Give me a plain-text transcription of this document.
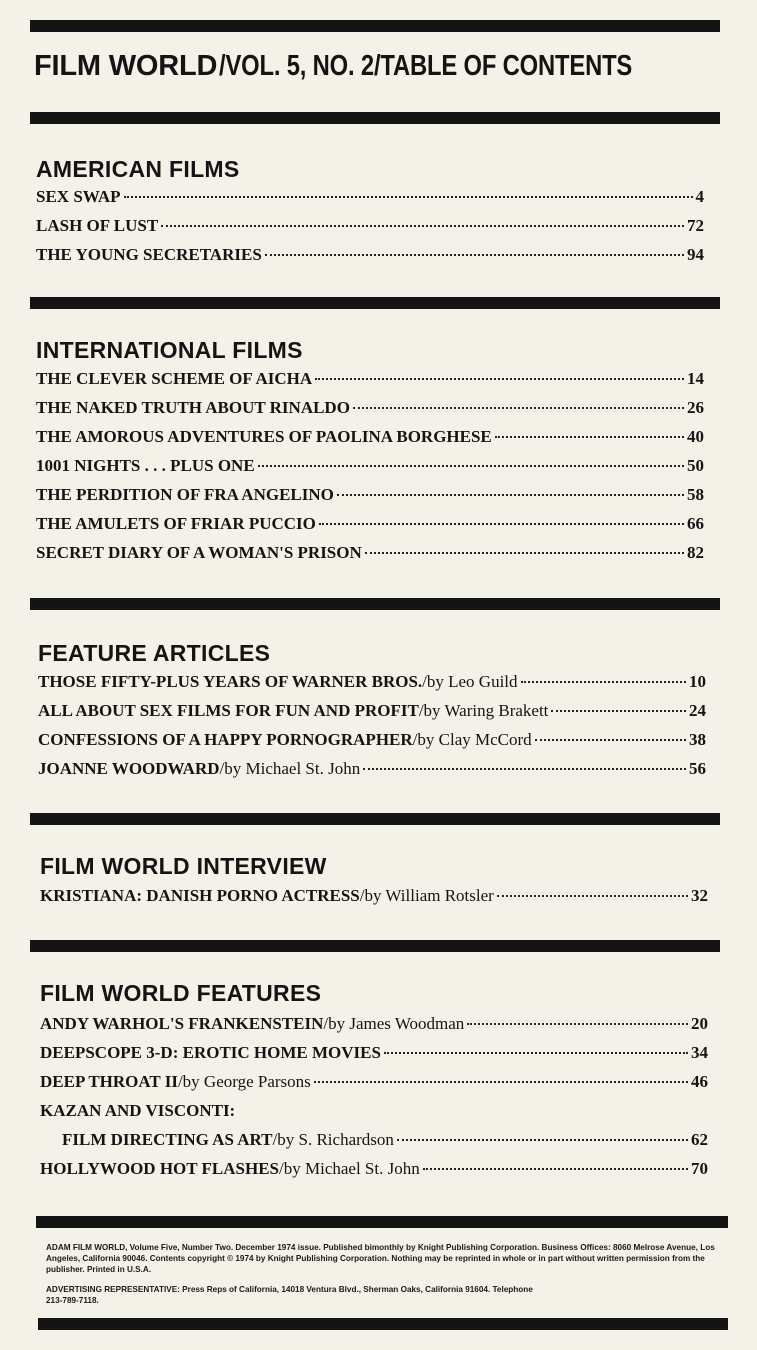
FILM WORLD/VOL. 5, NO. 2/TABLE OF CONTENTS
AMERICAN FILMS
SEX SWAP	4
LASH OF LUST	72
THE YOUNG SECRETARIES	94
INTERNATIONAL FILMS
THE CLEVER SCHEME OF AICHA	14
THE NAKED TRUTH ABOUT RINALDO	26
THE AMOROUS ADVENTURES OF PAOLINA BORGHESE	40
1001 NIGHTS . . . PLUS ONE	50
THE PERDITION OF FRA ANGELINO	58
THE AMULETS OF FRIAR PUCCIO	66
SECRET DIARY OF A WOMAN'S PRISON	82
FEATURE ARTICLES
THOSE FIFTY-PLUS YEARS OF WARNER BROS. /by Leo Guild	10
ALL ABOUT SEX FILMS FOR FUN AND PROFIT /by Waring Brakett	24
CONFESSIONS OF A HAPPY PORNOGRAPHER /by Clay McCord	38
JOANNE WOODWARD /by Michael St. John	56
FILM WORLD INTERVIEW
KRISTIANA: DANISH PORNO ACTRESS /by William Rotsler	32
FILM WORLD FEATURES
ANDY WARHOL'S FRANKENSTEIN /by James Woodman	20
DEEPSCOPE 3-D: EROTIC HOME MOVIES	34
DEEP THROAT II /by George Parsons	46
KAZAN AND VISCONTI:
FILM DIRECTING AS ART /by S. Richardson	62
HOLLYWOOD HOT FLASHES /by Michael St. John	70
ADAM FILM WORLD, Volume Five, Number Two. December 1974 issue. Published bimonthly by Knight Publishing Corporation. Business Offices: 8060 Melrose Avenue, Los Angeles, California 90046. Contents copyright © 1974 by Knight Publishing Corporation. Nothing may be reprinted in whole or in part without written permission from the publisher. Printed in U.S.A.
ADVERTISING REPRESENTATIVE: Press Reps of California, 14018 Ventura Blvd., Sherman Oaks, California 91604. Telephone 213-789-7118.
